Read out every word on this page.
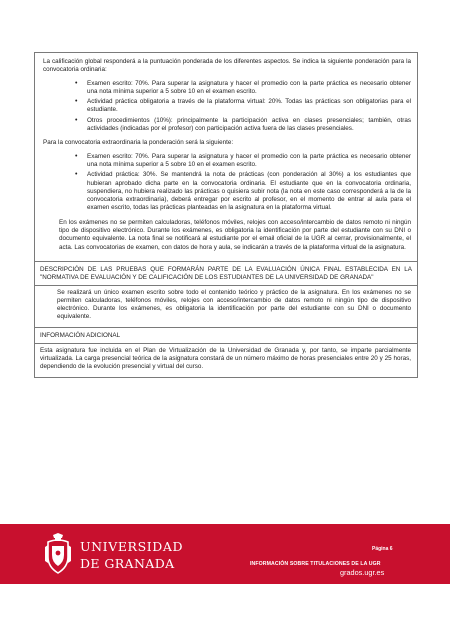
La calificación global responderá a la puntuación ponderada de los diferentes aspectos. Se indica la siguiente ponderación para la convocatoria ordinaria:

• Examen escrito: 70%. Para superar la asignatura y hacer el promedio con la parte práctica es necesario obtener una nota mínima superior a 5 sobre 10 en el examen escrito.
• Actividad práctica obligatoria a través de la plataforma virtual: 20%. Todas las prácticas son obligatorias para el estudiante.
• Otros procedimientos (10%): principalmente la participación activa en clases presenciales; también, otras actividades (indicadas por el profesor) con participación activa fuera de las clases presenciales.

Para la convocatoria extraordinaria la ponderación será la siguiente:

• Examen escrito: 70%. Para superar la asignatura y hacer el promedio con la parte práctica es necesario obtener una nota mínima superior a 5 sobre 10 en el examen escrito.
• Actividad práctica: 30%. Se mantendrá la nota de prácticas (con ponderación al 30%) a los estudiantes que hubieran aprobado dicha parte en la convocatoria ordinaria. El estudiante que en la convocatoria ordinaria, suspendiera, no hubiera realizado las prácticas o quisiera subir nota (la nota en este caso corresponderá a la de la convocatoria extraordinaria), deberá entregar por escrito al profesor, en el momento de entrar al aula para el examen escrito, todas las prácticas planteadas en la asignatura en la plataforma virtual.

En los exámenes no se permiten calculadoras, teléfonos móviles, relojes con acceso/intercambio de datos remoto ni ningún tipo de dispositivo electrónico. Durante los exámenes, es obligatoria la identificación por parte del estudiante con su DNI o documento equivalente. La nota final se notificará al estudiante por el email oficial de la UGR al cerrar, provisionalmente, el acta. Las convocatorias de examen, con datos de hora y aula, se indicarán a través de la plataforma virtual de la asignatura.

DESCRIPCIÓN DE LAS PRUEBAS QUE FORMARÁN PARTE DE LA EVALUACIÓN ÚNICA FINAL ESTABLECIDA EN LA "NORMATIVA DE EVALUACIÓN Y DE CALIFICACIÓN DE LOS ESTUDIANTES DE LA UNIVERSIDAD DE GRANADA"
Se realizará un único examen escrito sobre todo el contenido teórico y práctico de la asignatura. En los exámenes no se permiten calculadoras, teléfonos móviles, relojes con acceso/intercambio de datos remoto ni ningún tipo de dispositivo electrónico. Durante los exámenes, es obligatoria la identificación por parte del estudiante con su DNI o documento equivalente.
INFORMACIÓN ADICIONAL
Esta asignatura fue incluida en el Plan de Virtualización de la Universidad de Granada y, por tanto, se imparte parcialmente virtualizada. La carga presencial teórica de la asignatura constará de un número máximo de horas presenciales entre 20 y 25 horas, dependiendo de la evolución presencial y virtual del curso.
UNIVERSIDAD
DE GRANADA
Página 6
INFORMACIÓN SOBRE TITULACIONES DE LA UGR
grados.ugr.es
